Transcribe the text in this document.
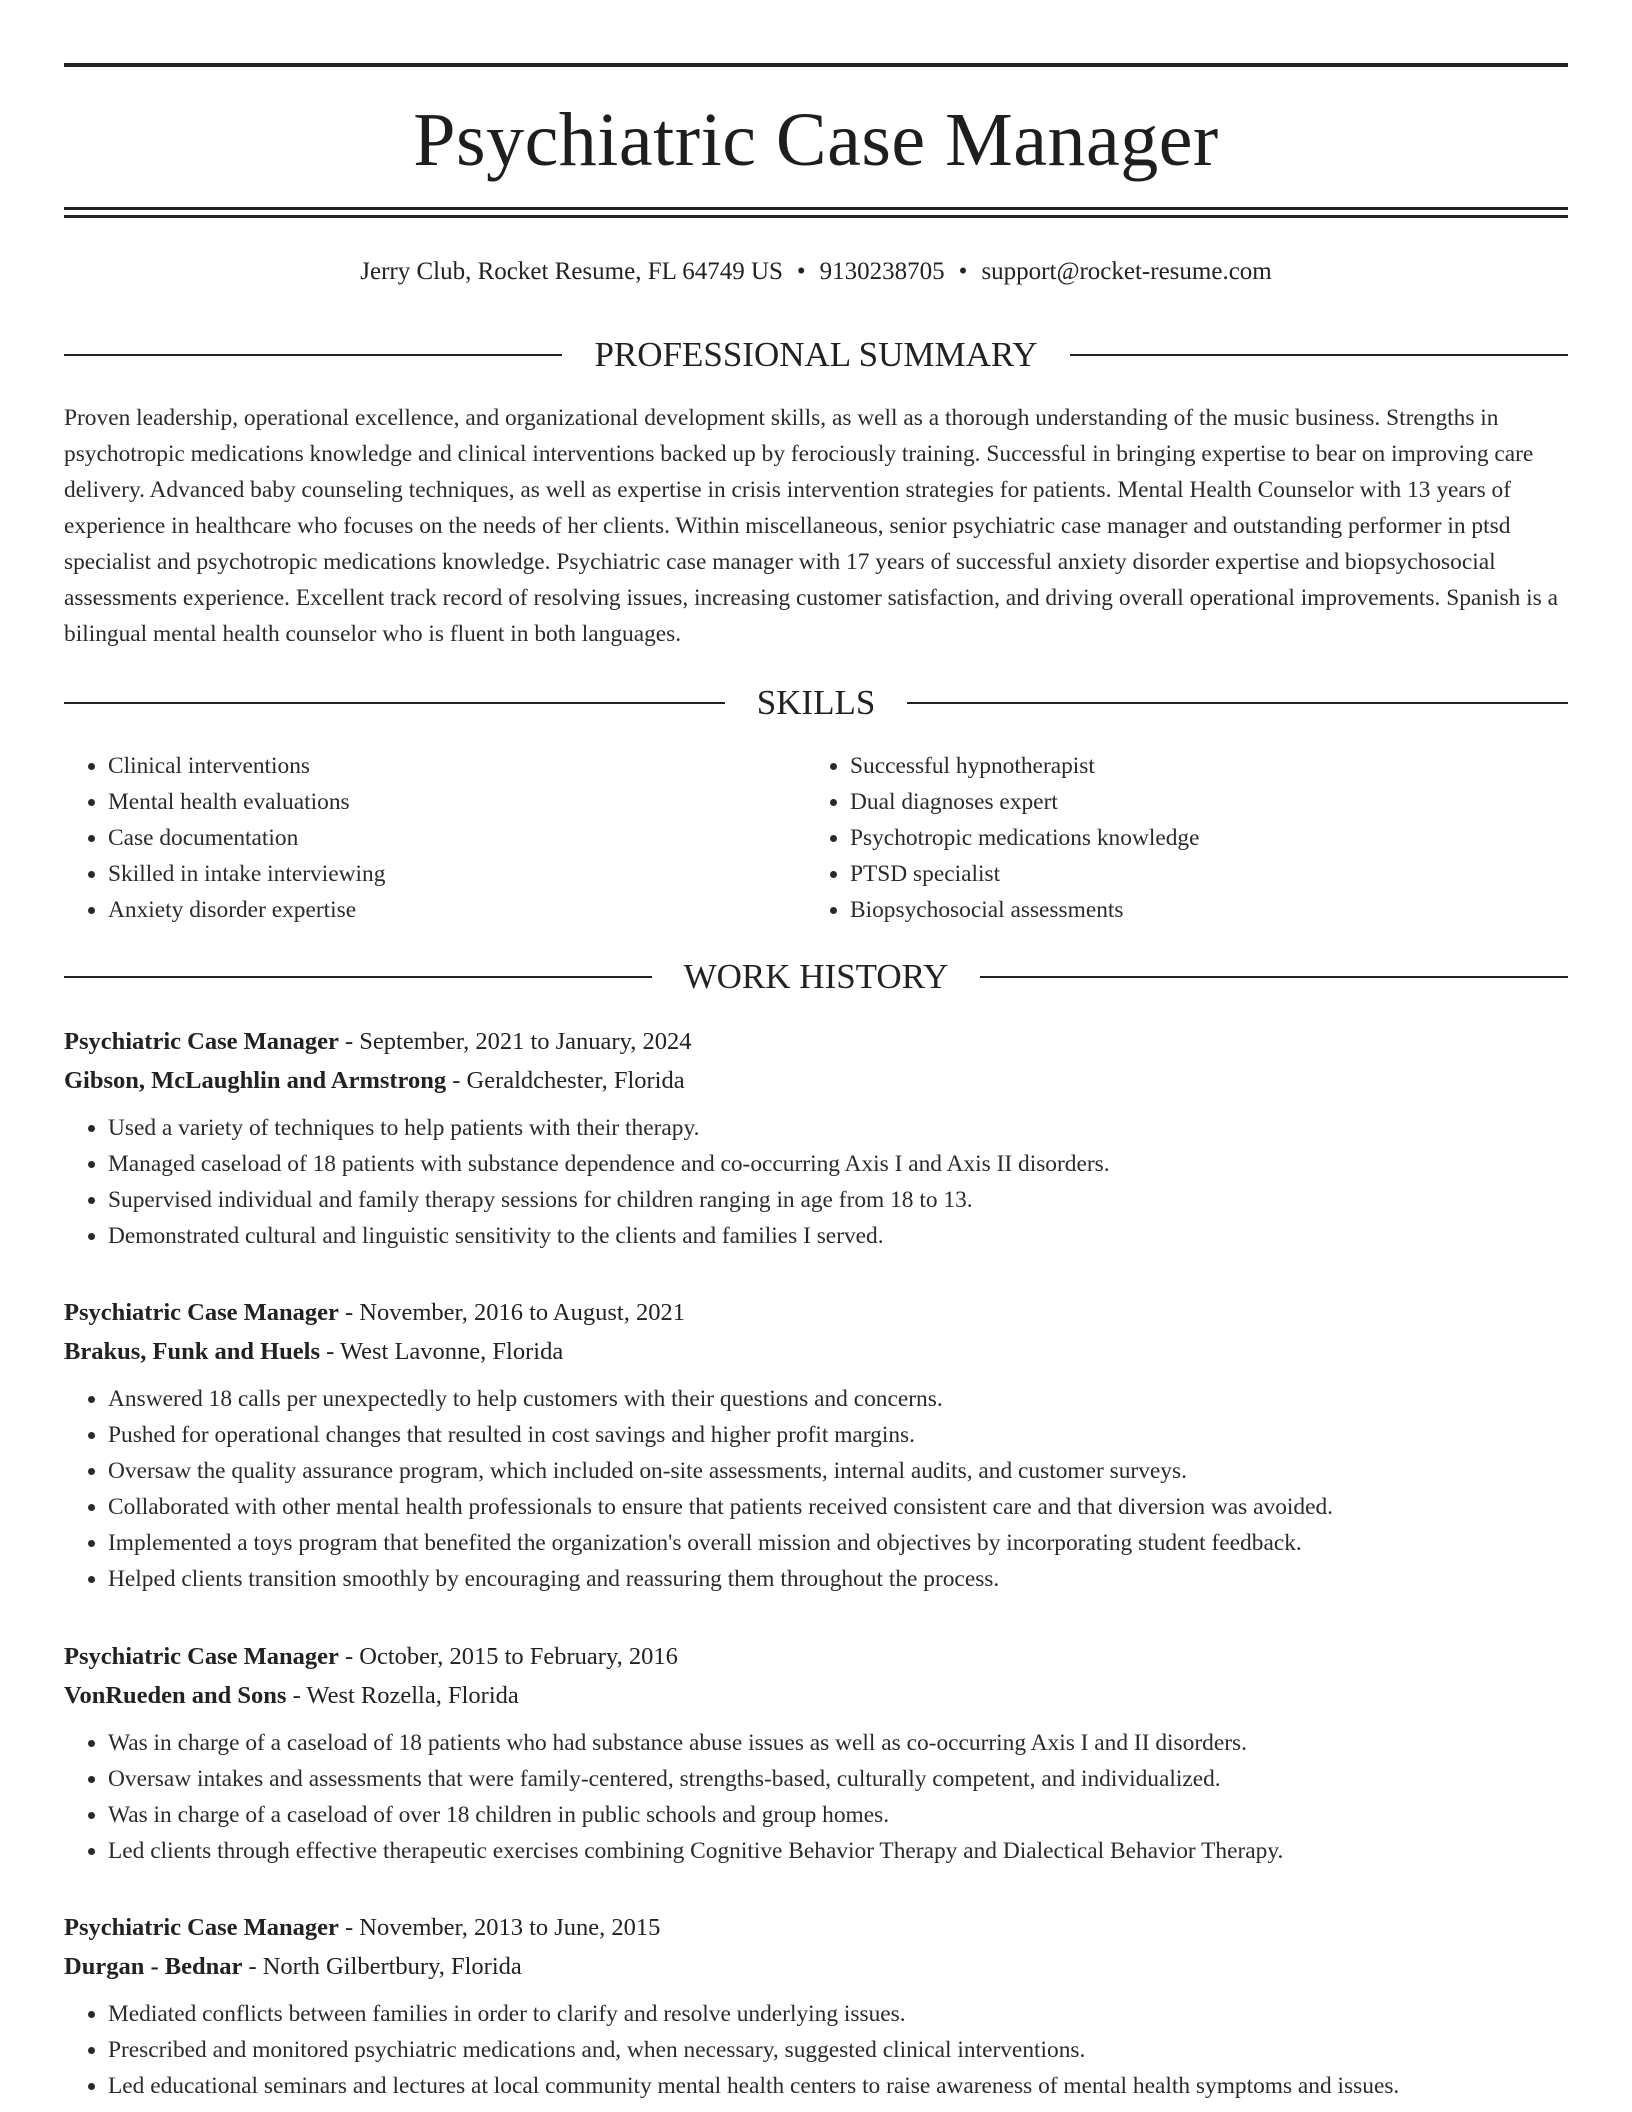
Psychiatric Case Manager
Jerry Club, Rocket Resume, FL 64749 US • 9130238705 • support@rocket-resume.com
PROFESSIONAL SUMMARY

Proven leadership, operational excellence, and organizational development skills, as well as a thorough understanding of the music business. Strengths in psychotropic medications knowledge and clinical interventions backed up by ferociously training. Successful in bringing expertise to bear on improving care delivery. Advanced baby counseling techniques, as well as expertise in crisis intervention strategies for patients. Mental Health Counselor with 13 years of experience in healthcare who focuses on the needs of her clients. Within miscellaneous, senior psychiatric case manager and outstanding performer in ptsd specialist and psychotropic medications knowledge. Psychiatric case manager with 17 years of successful anxiety disorder expertise and biopsychosocial assessments experience. Excellent track record of resolving issues, increasing customer satisfaction, and driving overall operational improvements. Spanish is a bilingual mental health counselor who is fluent in both languages.

SKILLS
• Clinical interventions
• Mental health evaluations
• Case documentation
• Skilled in intake interviewing
• Anxiety disorder expertise
• Successful hypnotherapist
• Dual diagnoses expert
• Psychotropic medications knowledge
• PTSD specialist
• Biopsychosocial assessments
WORK HISTORY
Psychiatric Case Manager - September, 2021 to January, 2024
Gibson, McLaughlin and Armstrong - Geraldchester, Florida
• Used a variety of techniques to help patients with their therapy.
• Managed caseload of 18 patients with substance dependence and co-occurring Axis I and Axis II disorders.
• Supervised individual and family therapy sessions for children ranging in age from 18 to 13.
• Demonstrated cultural and linguistic sensitivity to the clients and families I served.
Psychiatric Case Manager - November, 2016 to August, 2021
Brakus, Funk and Huels - West Lavonne, Florida
• Answered 18 calls per unexpectedly to help customers with their questions and concerns.
• Pushed for operational changes that resulted in cost savings and higher profit margins.
• Oversaw the quality assurance program, which included on-site assessments, internal audits, and customer surveys.
• Collaborated with other mental health professionals to ensure that patients received consistent care and that diversion was avoided.
• Implemented a toys program that benefited the organization's overall mission and objectives by incorporating student feedback.
• Helped clients transition smoothly by encouraging and reassuring them throughout the process.
Psychiatric Case Manager - October, 2015 to February, 2016
VonRueden and Sons - West Rozella, Florida
• Was in charge of a caseload of 18 patients who had substance abuse issues as well as co-occurring Axis I and II disorders.
• Oversaw intakes and assessments that were family-centered, strengths-based, culturally competent, and individualized.
• Was in charge of a caseload of over 18 children in public schools and group homes.
• Led clients through effective therapeutic exercises combining Cognitive Behavior Therapy and Dialectical Behavior Therapy.
Psychiatric Case Manager - November, 2013 to June, 2015
Durgan - Bednar - North Gilbertbury, Florida
• Mediated conflicts between families in order to clarify and resolve underlying issues.
• Prescribed and monitored psychiatric medications and, when necessary, suggested clinical interventions.
• Led educational seminars and lectures at local community mental health centers to raise awareness of mental health symptoms and issues.
